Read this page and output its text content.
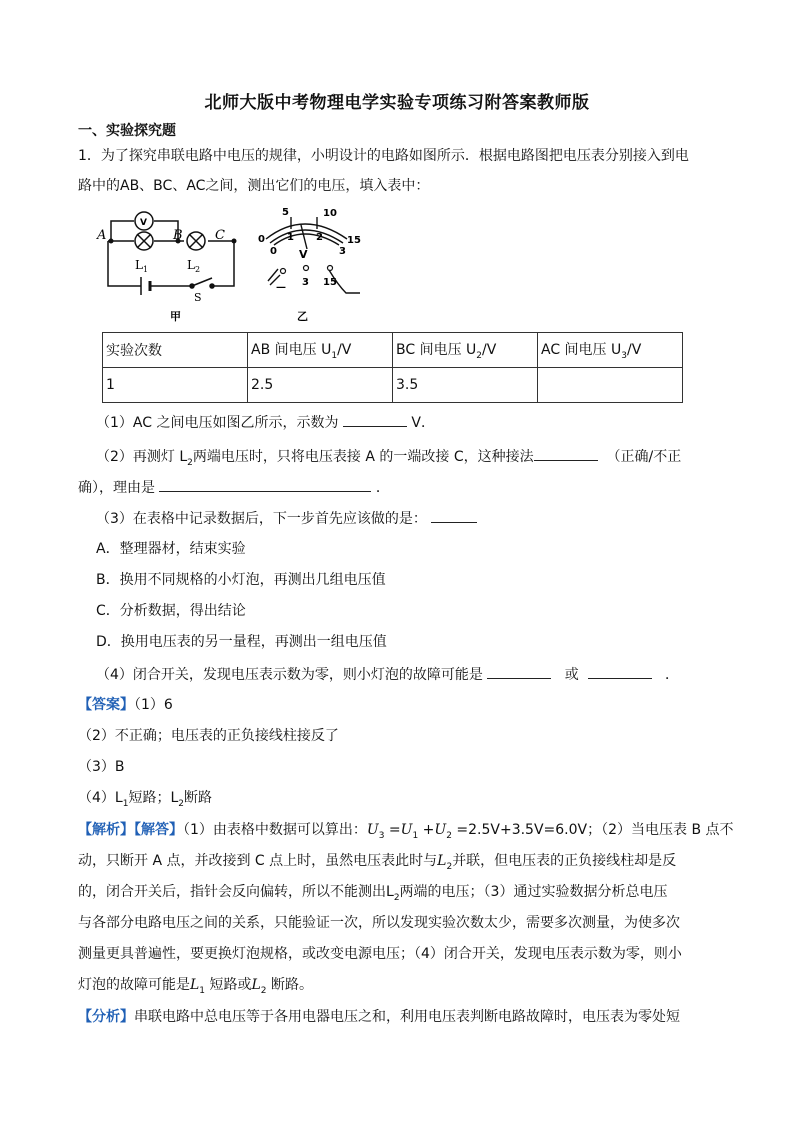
北师大版中考物理电学实验专项练习附答案教师版
一、实验探究题
1．为了探究串联电路中电压的规律，小明设计的电路如图所示．根据电路图把电压表分别接入到电
路中的AB、BC、AC之间，测出它们的电压，填入表中：
V
A	B C
$L_1$	$L_2$
S
甲
5	10
0	15
1 2
0	3
V
— 3 15
乙
实验次数	AB 间电压 $U_1/V$	BC 间电压 $U_2/V$	AC 间电压 $U_3/V$
1	2.5	3.5	
（1）AC 之间电压如图乙所示，示数为	V．
（2）再测灯 $L_2$两端电压时，只将电压表接 A 的一端改接 C，这种接法	（正确/不正
确），理由是	．
（3）在表格中记录数据后，下一步首先应该做的是：
A．整理器材，结束实验
B．换用不同规格的小灯泡，再测出几组电压值
C．分析数据，得出结论
D．换用电压表的另一量程，再测出一组电压值
（4）闭合开关，发现电压表示数为零，则小灯泡的故障可能是	或	．
【答案】（1）6
（2）不正确；电压表的正负接线柱接反了
（3）B
$(4)L_1$短路；$L_2$断路
【解析】【解答】（1）由表格中数据可以算出：$U_3 =U_1 +U_2 =2.5V+3.5V=6.0V$；（2）当电压表 B 点不
动，只断开 A 点，并改接到 C 点上时，虽然电压表此时与$L_2$并联，但电压表的正负接线柱却是反
的，闭合开关后，指针会反向偏转，所以不能测出$L_2$两端的电压；（3）通过实验数据分析总电压
与各部分电路电压之间的关系，只能验证一次，所以发现实验次数太少，需要多次测量，为使多次
测量更具普遍性，要更换灯泡规格，或改变电源电压；（4）闭合开关，发现电压表示数为零，则小
灯泡的故障可能是$L_1$ 短路或$L_2$ 断路。
【分析】串联电路中总电压等于各用电器电压之和，利用电压表判断电路故障时，电压表为零处短
